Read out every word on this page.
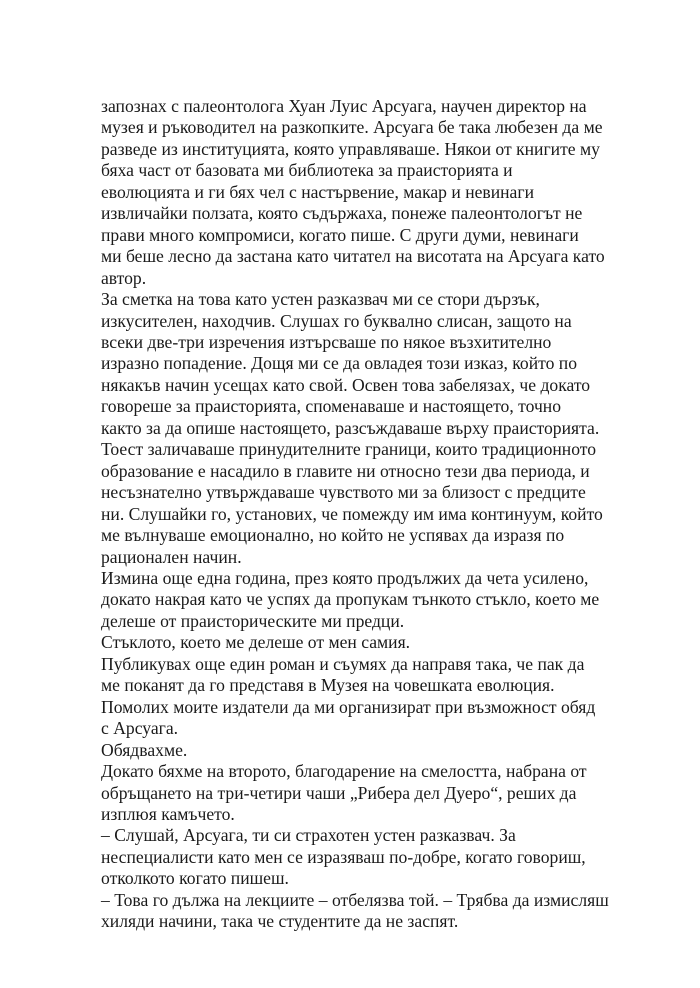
запознах с палеонтолога Хуан Луис Арсуага, научен директор на
музея и ръководител на разкопките. Арсуага бе така любезен да ме
разведе из институцията, която управляваше. Някои от книгите му
бяха част от базовата ми библиотека за праисторията и
еволюцията и ги бях чел с настървение, макар и невинаги
извличайки ползата, която съдържаха, понеже палеонтологът не
прави много компромиси, когато пише. С други думи, невинаги
ми беше лесно да застана като читател на висотата на Арсуага като
автор.

За сметка на това като устен разказвач ми се стори дързък,
изкусителен, находчив. Слушах го буквално слисан, защото на
всеки две-три изречения изтърсваше по някое възхитително
изразно попадение. Дощя ми се да овладея този изказ, който по
някакъв начин усещах като свой. Освен това забелязах, че докато
говореше за праисторията, споменаваше и настоящето, точно
както за да опише настоящето, разсъждаваше върху праисторията.
Тоест заличаваше принудителните граници, които традиционното
образование е насадило в главите ни относно тези два периода, и
несъзнателно утвърждаваше чувството ми за близост с предците
ни. Слушайки го, установих, че помежду им има континуум, който
ме вълнуваше емоционално, но който не успявах да изразя по
рационален начин.

Измина още една година, през която продължих да чета усилено,
докато накрая като че успях да пропукам тънкото стъкло, което ме
делеше от праисторическите ми предци.

Стъклото, което ме делеше от мен самия.

Публикувах още един роман и съумях да направя така, че пак да
ме поканят да го представя в Музея на човешката еволюция.

Помолих моите издатели да ми организират при възможност обяд
с Арсуага.

Обядвахме.

Докато бяхме на второто, благодарение на смелостта, набрана от
обръщането на три-четири чаши „Рибера дел Дуеро“, реших да
изплюя камъчето.

– Слушай, Арсуага, ти си страхотен устен разказвач. За
неспециалисти като мен се изразяваш по-добре, когато говориш,
отколкото когато пишеш.

– Това го дължа на лекциите – отбелязва той. – Трябва да измисляш
хиляди начини, така че студентите да не заспят.
